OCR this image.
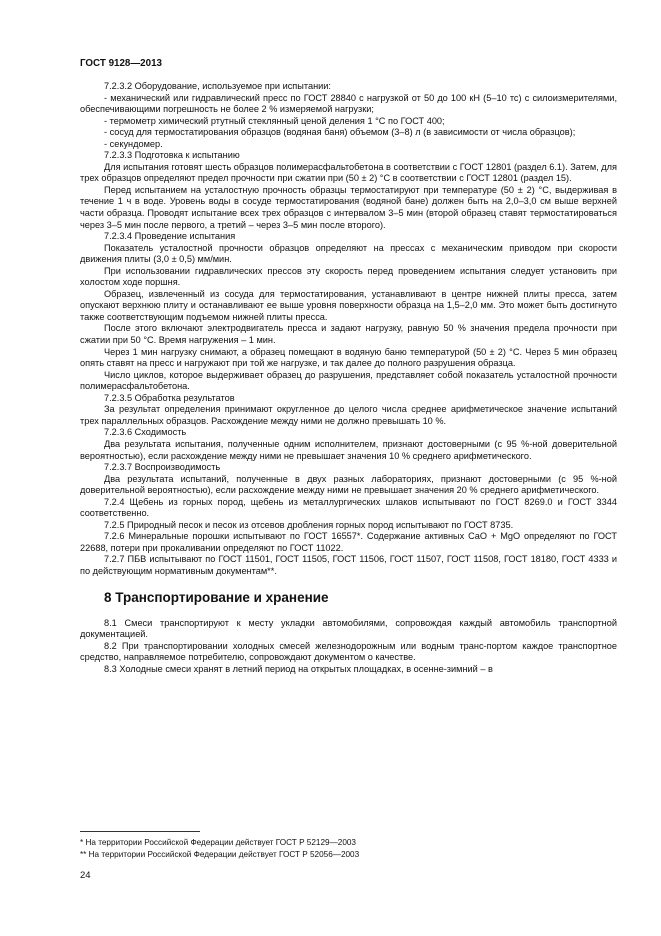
ГОСТ 9128—2013

7.2.3.2 Оборудование, используемое при испытании:

- механический или гидравлический пресс по ГОСТ 28840 с нагрузкой от 50 до 100 кН (5–10 тс) с силоизмерителями, обеспечивающими погрешность не более 2 % измеряемой нагрузки;

- термометр химический ртутный стеклянный ценой деления 1 °С по ГОСТ 400;

- сосуд для термостатирования образцов (водяная баня) объемом (3–8) л (в зависимости от числа образцов);

- секундомер.

7.2.3.3 Подготовка к испытанию

Для испытания готовят шесть образцов полимерасфальтобетона в соответствии с ГОСТ 12801 (раздел 6.1). Затем, для трех образцов определяют предел прочности при сжатии при (50 ± 2) °С в соответствии с ГОСТ 12801 (раздел 15).

Перед испытанием на усталостную прочность образцы термостатируют при температуре (50 ± 2) °С, выдерживая в течение 1 ч в воде. Уровень воды в сосуде термостатирования (водяной бане) должен быть на 2,0–3,0 см выше верхней части образца. Проводят испытание всех трех образцов с интервалом 3–5 мин (второй образец ставят термостатироваться через 3–5 мин после первого, а третий – через 3–5 мин после второго).

7.2.3.4 Проведение испытания

Показатель усталостной прочности образцов определяют на прессах с механическим приводом при скорости движения плиты (3,0 ± 0,5) мм/мин.

При использовании гидравлических прессов эту скорость перед проведением испытания следует установить при холостом ходе поршня.

Образец, извлеченный из сосуда для термостатирования, устанавливают в центре нижней плиты пресса, затем опускают верхнюю плиту и останавливают ее выше уровня поверхности образца на 1,5–2,0 мм. Это может быть достигнуто также соответствующим подъемом нижней плиты пресса.

После этого включают электродвигатель пресса и задают нагрузку, равную 50 % значения предела прочности при сжатии при 50 °С. Время нагружения – 1 мин.

Через 1 мин нагрузку снимают, а образец помещают в водяную баню температурой (50 ± 2) °С. Через 5 мин образец опять ставят на пресс и нагружают при той же нагрузке, и так далее до полного разрушения образца.

Число циклов, которое выдерживает образец до разрушения, представляет собой показатель усталостной прочности полимерасфальтобетона.

7.2.3.5 Обработка результатов

За результат определения принимают округленное до целого числа среднее арифметическое значение испытаний трех параллельных образцов. Расхождение между ними не должно превышать 10 %.

7.2.3.6 Сходимость

Два результата испытания, полученные одним исполнителем, признают достоверными (с 95 %-ной доверительной вероятностью), если расхождение между ними не превышает значения 10 % среднего арифметического.

7.2.3.7 Воспроизводимость

Два результата испытаний, полученные в двух разных лабораториях, признают достоверными (с 95 %-ной доверительной вероятностью), если расхождение между ними не превышает значения 20 % среднего арифметического.

7.2.4 Щебень из горных пород, щебень из металлургических шлаков испытывают по ГОСТ 8269.0 и ГОСТ 3344 соответственно.

7.2.5 Природный песок и песок из отсевов дробления горных пород испытывают по ГОСТ 8735.

7.2.6 Минеральные порошки испытывают по ГОСТ 16557*. Содержание активных CaO + MgO определяют по ГОСТ 22688, потери при прокаливании определяют по ГОСТ 11022.

7.2.7 ПБВ испытывают по ГОСТ 11501, ГОСТ 11505, ГОСТ 11506, ГОСТ 11507, ГОСТ 11508, ГОСТ 18180, ГОСТ 4333 и по действующим нормативным документам**.

8 Транспортирование и хранение

8.1 Смеси транспортируют к месту укладки автомобилями, сопровождая каждый автомобиль транспортной документацией.

8.2 При транспортировании холодных смесей железнодорожным или водным транс-портом каждое транспортное средство, направляемое потребителю, сопровождают документом о качестве.

8.3 Холодные смеси хранят в летний период на открытых площадках, в осенне-зимний – в

* На территории Российской Федерации действует ГОСТ Р 52129—2003
** На территории Российской Федерации действует ГОСТ Р 52056—2003
24
